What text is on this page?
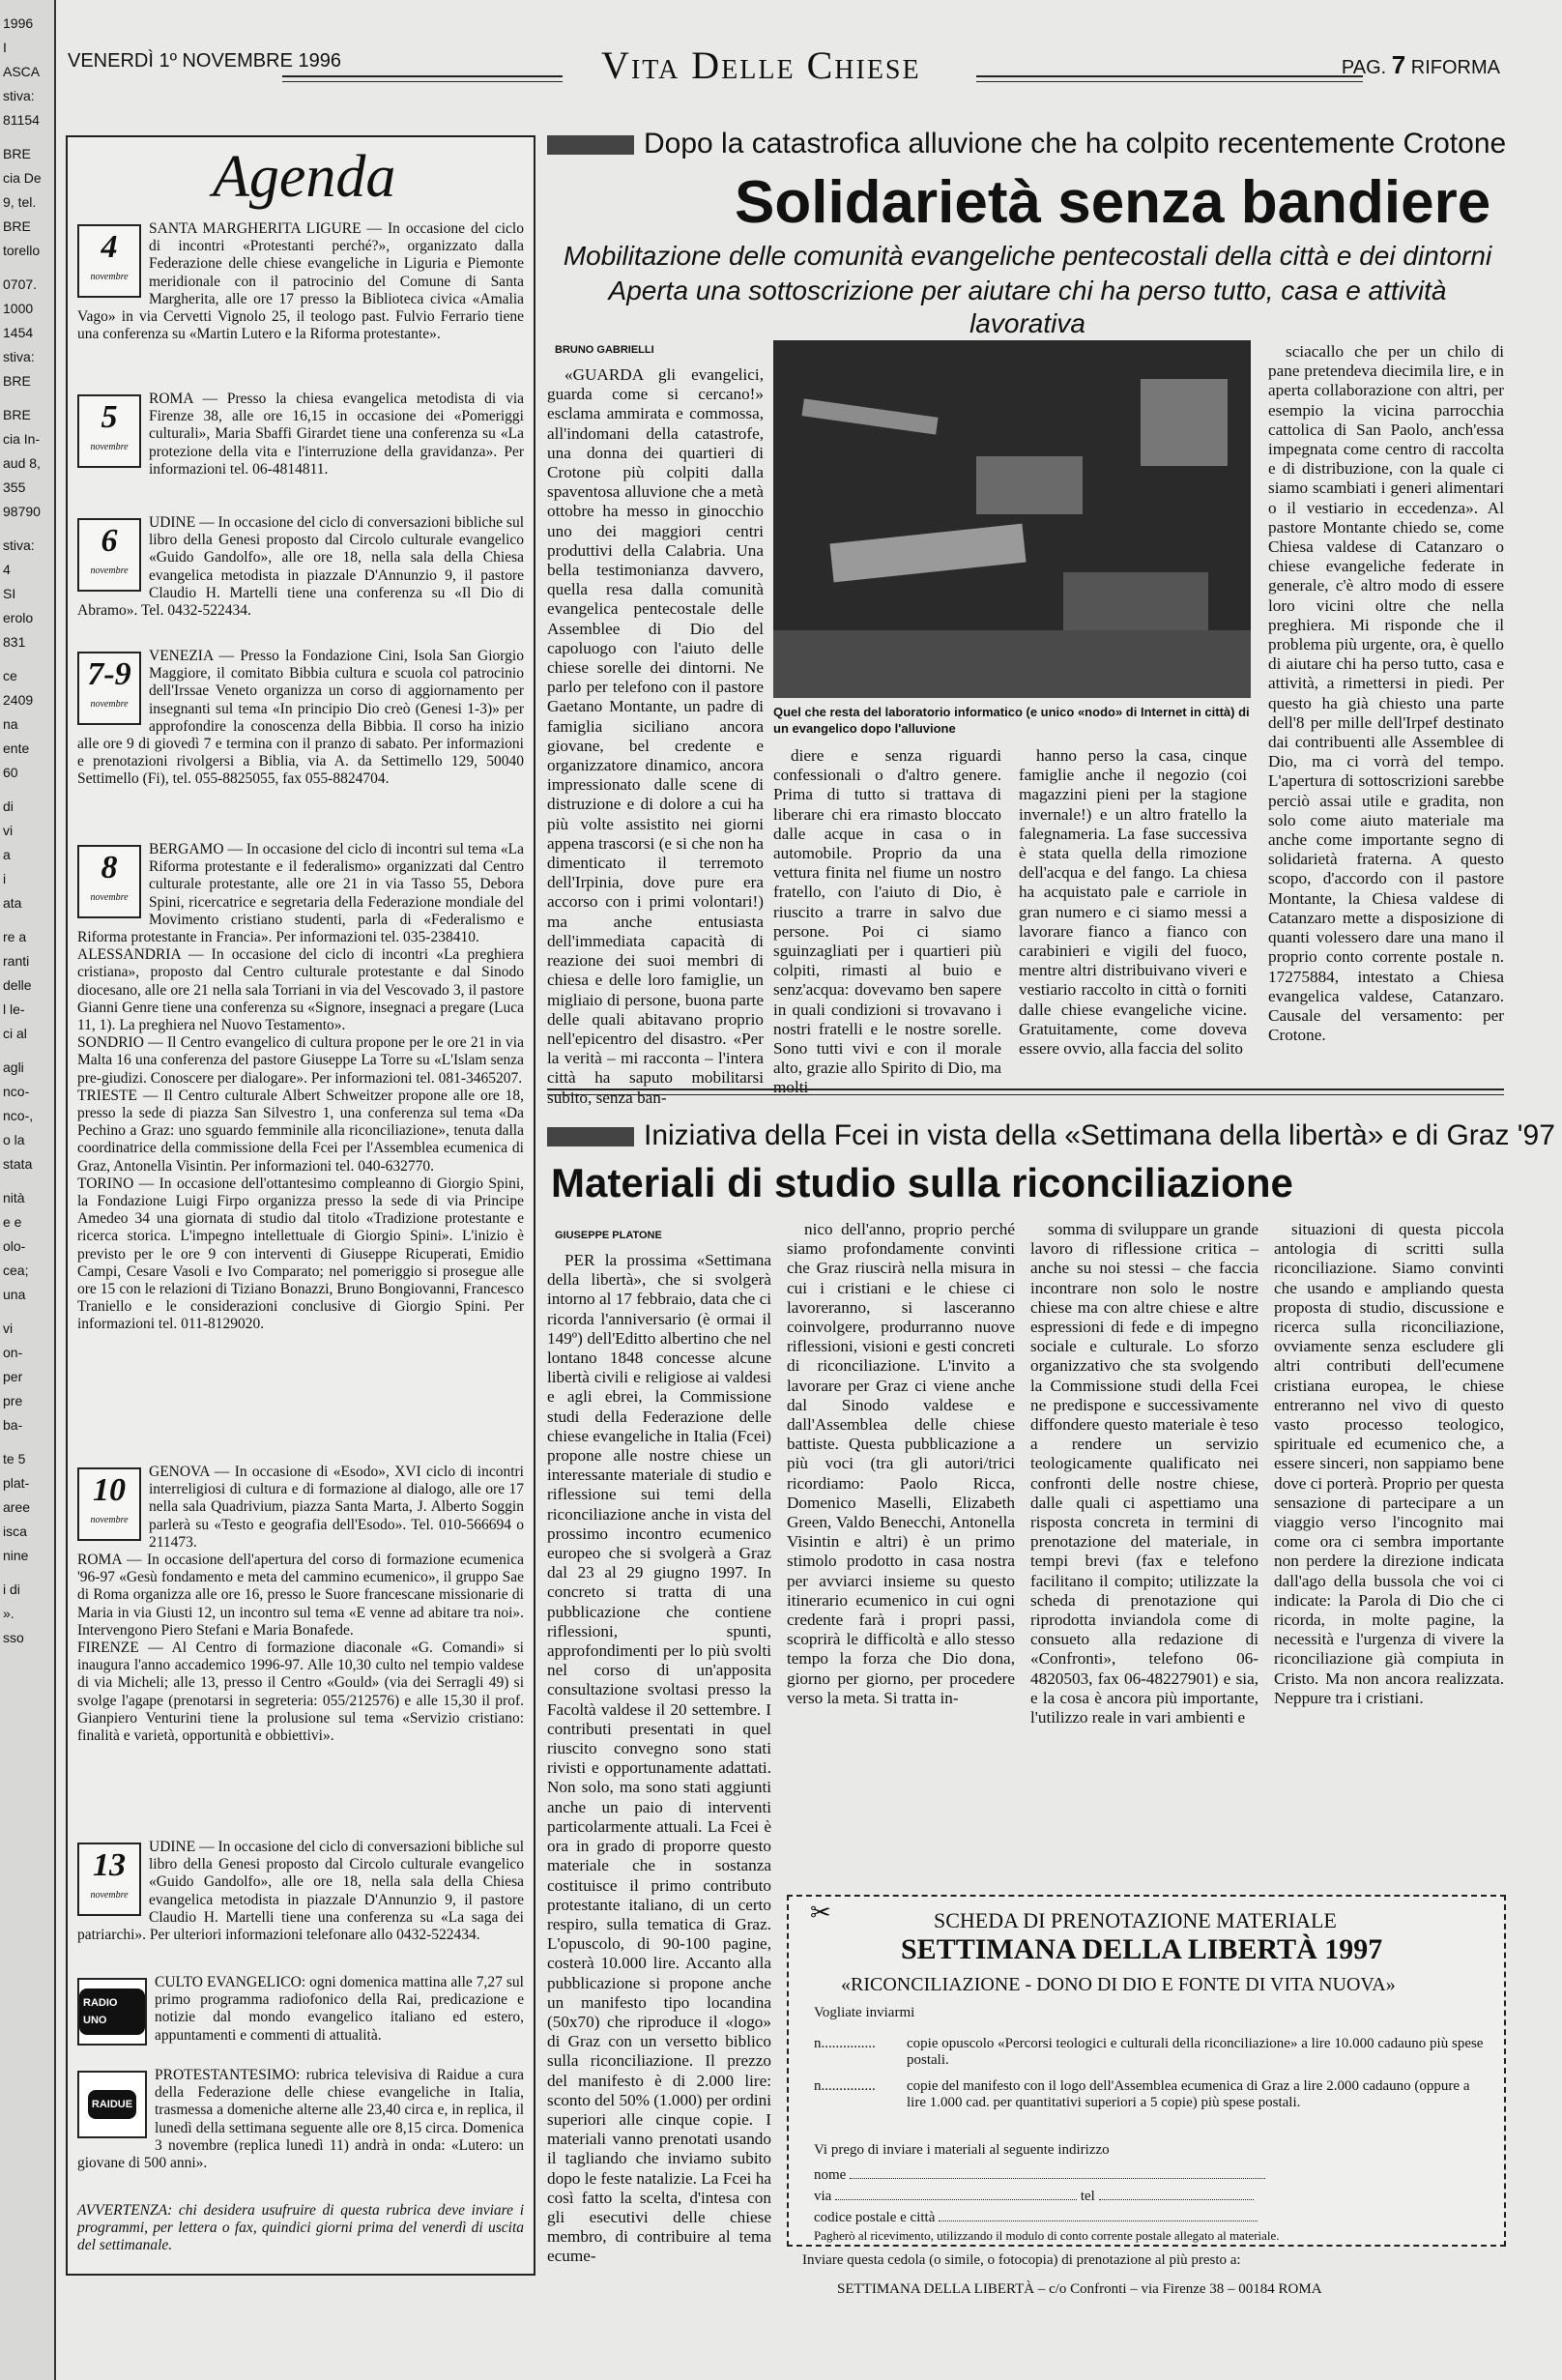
1996
I
ASCA
stiva:
81154
BRE
cia De
9, tel.
BRE
torello
0707.
1000
1454
stiva:
BRE
BRE
cia In-
aud 8,
355
98790
stiva:
4
SI
erolo
831
ce
2409
na
ente
60
di
vi
a
i
ata
re a
ranti
delle
l le-
ci al
agli
nco-
nco-,
o la
stata
nità
e e
olo-
cea;
una
vi
on-
per
pre
ba-
te 5
plat-
aree
isca
nine
i di
».
sso
VENERDÌ 1º NOVEMBRE 1996	Vita Delle Chiese	PAG. 7 RIFORMA
Agenda
4
novembre

SANTA MARGHERITA LIGURE — In occasione del ciclo di incontri «Protestanti perché?», organizzato dalla Federazione delle chiese evangeliche in Liguria e Piemonte meridionale con il patrocinio del Comune di Santa Margherita, alle ore 17 presso la Biblioteca civica «Amalia Vago» in via Cervetti Vignolo 25, il teologo past. Fulvio Ferrario tiene una conferenza su «Martin Lutero e la Riforma protestante».

5
novembre

ROMA — Presso la chiesa evangelica metodista di via Firenze 38, alle ore 16,15 in occasione dei «Pomeriggi culturali», Maria Sbaffi Girardet tiene una conferenza su «La protezione della vita e l'interruzione della gravidanza». Per informazioni tel. 06-4814811.

6
novembre

UDINE — In occasione del ciclo di conversazioni bibliche sul libro della Genesi proposto dal Circolo culturale evangelico «Guido Gandolfo», alle ore 18, nella sala della Chiesa evangelica metodista in piazzale D'Annunzio 9, il pastore Claudio H. Martelli tiene una conferenza su «Il Dio di Abramo». Tel. 0432-522434.

7-9
novembre

VENEZIA — Presso la Fondazione Cini, Isola San Giorgio Maggiore, il comitato Bibbia cultura e scuola col patrocinio dell'Irssae Veneto organizza un corso di aggiornamento per insegnanti sul tema «In principio Dio creò (Genesi 1-3)» per approfondire la conoscenza della Bibbia. Il corso ha inizio alle ore 9 di giovedì 7 e termina con il pranzo di sabato. Per informazioni e prenotazioni rivolgersi a Biblia, via A. da Settimello 129, 50040 Settimello (Fi), tel. 055-8825055, fax 055-8824704.

8
novembre

BERGAMO — In occasione del ciclo di incontri sul tema «La Riforma protestante e il federalismo» organizzati dal Centro culturale protestante, alle ore 21 in via Tasso 55, Debora Spini, ricercatrice e segretaria della Federazione mondiale del Movimento cristiano studenti, parla di «Federalismo e Riforma protestante in Francia». Per informazioni tel. 035-238410.

ALESSANDRIA — In occasione del ciclo di incontri «La preghiera cristiana», proposto dal Centro culturale protestante e dal Sinodo diocesano, alle ore 21 nella sala Torriani in via del Vescovado 3, il pastore Gianni Genre tiene una conferenza su «Signore, insegnaci a pregare (Luca 11, 1). La preghiera nel Nuovo Testamento».

SONDRIO — Il Centro evangelico di cultura propone per le ore 21 in via Malta 16 una conferenza del pastore Giuseppe La Torre su «L'Islam senza pre-giudizi. Conoscere per dialogare». Per informazioni tel. 081-3465207.

TRIESTE — Il Centro culturale Albert Schweitzer propone alle ore 18, presso la sede di piazza San Silvestro 1, una conferenza sul tema «Da Pechino a Graz: uno sguardo femminile alla riconciliazione», tenuta dalla coordinatrice della commissione della Fcei per l'Assemblea ecumenica di Graz, Antonella Visintin. Per informazioni tel. 040-632770.

TORINO — In occasione dell'ottantesimo compleanno di Giorgio Spini, la Fondazione Luigi Firpo organizza presso la sede di via Principe Amedeo 34 una giornata di studio dal titolo «Tradizione protestante e ricerca storica. L'impegno intellettuale di Giorgio Spini». L'inizio è previsto per le ore 9 con interventi di Giuseppe Ricuperati, Emidio Campi, Cesare Vasoli e Ivo Comparato; nel pomeriggio si prosegue alle ore 15 con le relazioni di Tiziano Bonazzi, Bruno Bongiovanni, Francesco Traniello e le considerazioni conclusive di Giorgio Spini. Per informazioni tel. 011-8129020.

10
novembre

GENOVA — In occasione di «Esodo», XVI ciclo di incontri interreligiosi di cultura e di formazione al dialogo, alle ore 17 nella sala Quadrivium, piazza Santa Marta, J. Alberto Soggin parlerà su «Testo e geografia dell'Esodo». Tel. 010-566694 o 211473.

ROMA — In occasione dell'apertura del corso di formazione ecumenica '96-97 «Gesù fondamento e meta del cammino ecumenico», il gruppo Sae di Roma organizza alle ore 16, presso le Suore francescane missionarie di Maria in via Giusti 12, un incontro sul tema «E venne ad abitare tra noi». Intervengono Piero Stefani e Maria Bonafede.

FIRENZE — Al Centro di formazione diaconale «G. Comandi» si inaugura l'anno accademico 1996-97. Alle 10,30 culto nel tempio valdese di via Micheli; alle 13, presso il Centro «Gould» (via dei Serragli 49) si svolge l'agape (prenotarsi in segreteria: 055/212576) e alle 15,30 il prof. Gianpiero Venturini tiene la prolusione sul tema «Servizio cristiano: finalità e varietà, opportunità e obbiettivi».

13
novembre

UDINE — In occasione del ciclo di conversazioni bibliche sul libro della Genesi proposto dal Circolo culturale evangelico «Guido Gandolfo», alle ore 18, nella sala della Chiesa evangelica metodista in piazzale D'Annunzio 9, il pastore Claudio H. Martelli tiene una conferenza su «La saga dei patriarchi». Per ulteriori informazioni telefonare allo 0432-522434.

RADIO UNO

CULTO EVANGELICO: ogni domenica mattina alle 7,27 sul primo programma radiofonico della Rai, predicazione e notizie dal mondo evangelico italiano ed estero, appuntamenti e commenti di attualità.

RAIDUE

PROTESTANTESIMO: rubrica televisiva di Raidue a cura della Federazione delle chiese evangeliche in Italia, trasmessa a domeniche alterne alle 23,40 circa e, in replica, il lunedì della settimana seguente alle ore 8,15 circa. Domenica 3 novembre (replica lunedì 11) andrà in onda: «Lutero: un giovane di 500 anni».

AVVERTENZA: chi desidera usufruire di questa rubrica deve inviare i programmi, per lettera o fax, quindici giorni prima del venerdì di uscita del settimanale.

Dopo la catastrofica alluvione che ha colpito recentemente Crotone
Solidarietà senza bandiere
Mobilitazione delle comunità evangeliche pentecostali della città e dei dintorni
Aperta una sottoscrizione per aiutare chi ha perso tutto, casa e attività lavorativa
BRUNO GABRIELLI

«GUARDA gli evangelici, guarda come si cercano!» esclama ammirata e commossa, all'indomani della catastrofe, una donna dei quartieri di Crotone più colpiti dalla spaventosa alluvione che a metà ottobre ha messo in ginocchio uno dei maggiori centri produttivi della Calabria. Una bella testimonianza davvero, quella resa dalla comunità evangelica pentecostale delle Assemblee di Dio del capoluogo con l'aiuto delle chiese sorelle dei dintorni. Ne parlo per telefono con il pastore Gaetano Montante, un padre di famiglia siciliano ancora giovane, bel credente e organizzatore dinamico, ancora impressionato dalle scene di distruzione e di dolore a cui ha più volte assistito nei giorni appena trascorsi (e si che non ha dimenticato il terremoto dell'Irpinia, dove pure era accorso con i primi volontari!) ma anche entusiasta dell'immediata capacità di reazione dei suoi membri di chiesa e delle loro famiglie, un migliaio di persone, buona parte delle quali abitavano proprio nell'epicentro del disastro. «Per la verità – mi racconta – l'intera città ha saputo mobilitarsi subito, senza ban-

Quel che resta del laboratorio informatico (e unico «nodo» di Internet in città) di un evangelico dopo l'alluvione

diere e senza riguardi confessionali o d'altro genere. Prima di tutto si trattava di liberare chi era rimasto bloccato dalle acque in casa o in automobile. Proprio da una vettura finita nel fiume un nostro fratello, con l'aiuto di Dio, è riuscito a trarre in salvo due persone. Poi ci siamo sguinzagliati per i quartieri più colpiti, rimasti al buio e senz'acqua: dovevamo ben sapere in quali condizioni si trovavano i nostri fratelli e le nostre sorelle. Sono tutti vivi e con il morale alto, grazie allo Spirito di Dio, ma molti

hanno perso la casa, cinque famiglie anche il negozio (coi magazzini pieni per la stagione invernale!) e un altro fratello la falegnameria. La fase successiva è stata quella della rimozione dell'acqua e del fango. La chiesa ha acquistato pale e carriole in gran numero e ci siamo messi a lavorare fianco a fianco con carabinieri e vigili del fuoco, mentre altri distribuivano viveri e vestiario raccolto in città o forniti dalle chiese evangeliche vicine. Gratuitamente, come doveva essere ovvio, alla faccia del solito

sciacallo che per un chilo di pane pretendeva diecimila lire, e in aperta collaborazione con altri, per esempio la vicina parrocchia cattolica di San Paolo, anch'essa impegnata come centro di raccolta e di distribuzione, con la quale ci siamo scambiati i generi alimentari o il vestiario in eccedenza». Al pastore Montante chiedo se, come Chiesa valdese di Catanzaro o chiese evangeliche federate in generale, c'è altro modo di essere loro vicini oltre che nella preghiera. Mi risponde che il problema più urgente, ora, è quello di aiutare chi ha perso tutto, casa e attività, a rimettersi in piedi. Per questo ha già chiesto una parte dell'8 per mille dell'Irpef destinato dai contribuenti alle Assemblee di Dio, ma ci vorrà del tempo. L'apertura di sottoscrizioni sarebbe perciò assai utile e gradita, non solo come aiuto materiale ma anche come importante segno di solidarietà fraterna. A questo scopo, d'accordo con il pastore Montante, la Chiesa valdese di Catanzaro mette a disposizione di quanti volessero dare una mano il proprio conto corrente postale n. 17275884, intestato a Chiesa evangelica valdese, Catanzaro. Causale del versamento: per Crotone.

Iniziativa della Fcei in vista della «Settimana della libertà» e di Graz '97
Materiali di studio sulla riconciliazione
GIUSEPPE PLATONE

PER la prossima «Settimana della libertà», che si svolgerà intorno al 17 febbraio, data che ci ricorda l'anniversario (è ormai il 149º) dell'Editto albertino che nel lontano 1848 concesse alcune libertà civili e religiose ai valdesi e agli ebrei, la Commissione studi della Federazione delle chiese evangeliche in Italia (Fcei) propone alle nostre chiese un interessante materiale di studio e riflessione sui temi della riconciliazione anche in vista del prossimo incontro ecumenico europeo che si svolgerà a Graz dal 23 al 29 giugno 1997. In concreto si tratta di una pubblicazione che contiene riflessioni, spunti, approfondimenti per lo più svolti nel corso di un'apposita consultazione svoltasi presso la Facoltà valdese il 20 settembre. I contributi presentati in quel riuscito convegno sono stati rivisti e opportunamente adattati. Non solo, ma sono stati aggiunti anche un paio di interventi particolarmente attuali. La Fcei è ora in grado di proporre questo materiale che in sostanza costituisce il primo contributo protestante italiano, di un certo respiro, sulla tematica di Graz. L'opuscolo, di 90-100 pagine, costerà 10.000 lire. Accanto alla pubblicazione si propone anche un manifesto tipo locandina (50x70) che riproduce il «logo» di Graz con un versetto biblico sulla riconciliazione. Il prezzo del manifesto è di 2.000 lire: sconto del 50% (1.000) per ordini superiori alle cinque copie. I materiali vanno prenotati usando il tagliando che inviamo subito dopo le feste natalizie. La Fcei ha così fatto la scelta, d'intesa con gli esecutivi delle chiese membro, di contribuire al tema ecume-

nico dell'anno, proprio perché siamo profondamente convinti che Graz riuscirà nella misura in cui i cristiani e le chiese ci lavoreranno, si lasceranno coinvolgere, produrranno nuove riflessioni, visioni e gesti concreti di riconciliazione. L'invito a lavorare per Graz ci viene anche dal Sinodo valdese e dall'Assemblea delle chiese battiste. Questa pubblicazione a più voci (tra gli autori/trici ricordiamo: Paolo Ricca, Domenico Maselli, Elizabeth Green, Valdo Benecchi, Antonella Visintin e altri) è un primo stimolo prodotto in casa nostra per avviarci insieme su questo itinerario ecumenico in cui ogni credente farà i propri passi, scoprirà le difficoltà e allo stesso tempo la forza che Dio dona, giorno per giorno, per procedere verso la meta. Si tratta in-

somma di sviluppare un grande lavoro di riflessione critica – anche su noi stessi – che faccia incontrare non solo le nostre chiese ma con altre chiese e altre espressioni di fede e di impegno sociale e culturale. Lo sforzo organizzativo che sta svolgendo la Commissione studi della Fcei ne predispone e successivamente diffondere questo materiale è teso a rendere un servizio teologicamente qualificato nei confronti delle nostre chiese, dalle quali ci aspettiamo una risposta concreta in termini di prenotazione del materiale, in tempi brevi (fax e telefono facilitano il compito; utilizzate la scheda di prenotazione qui riprodotta inviandola come di consueto alla redazione di «Confronti», telefono 06-4820503, fax 06-48227901) e sia, e la cosa è ancora più importante, l'utilizzo reale in vari ambienti e

situazioni di questa piccola antologia di scritti sulla riconciliazione. Siamo convinti che usando e ampliando questa proposta di studio, discussione e ricerca sulla riconciliazione, ovviamente senza escludere gli altri contributi dell'ecumene cristiana europea, le chiese entreranno nel vivo di questo vasto processo teologico, spirituale ed ecumenico che, a essere sinceri, non sappiamo bene dove ci porterà. Proprio per questa sensazione di partecipare a un viaggio verso l'incognito mai come ora ci sembra importante non perdere la direzione indicata dall'ago della bussola che voi ci indicate: la Parola di Dio che ci ricorda, in molte pagine, la necessità e l'urgenza di vivere la riconciliazione già compiuta in Cristo. Ma non ancora realizzata. Neppure tra i cristiani.

✂	SCHEDA DI PRENOTAZIONE MATERIALE
SETTIMANA DELLA LIBERTÀ 1997
«RICONCILIAZIONE - DONO DI DIO E FONTE DI VITA NUOVA»
Vogliate inviarmi
n............... copie opuscolo «Percorsi teologici e culturali della riconciliazione» a lire 10.000 cadauno più spese postali.
n............... copie del manifesto con il logo dell'Assemblea ecumenica di Graz a lire 2.000 cadauno (oppure a lire 1.000 cad. per quantitativi superiori a 5 copie) più spese postali.
Vi prego di inviare i materiali al seguente indirizzo
nome
via	tel
codice postale e città
Pagherò al ricevimento, utilizzando il modulo di conto corrente postale allegato al materiale.
Inviare questa cedola (o simile, o fotocopia) di prenotazione al più presto a:
SETTIMANA DELLA LIBERTÀ – c/o Confronti – via Firenze 38 – 00184 ROMA
